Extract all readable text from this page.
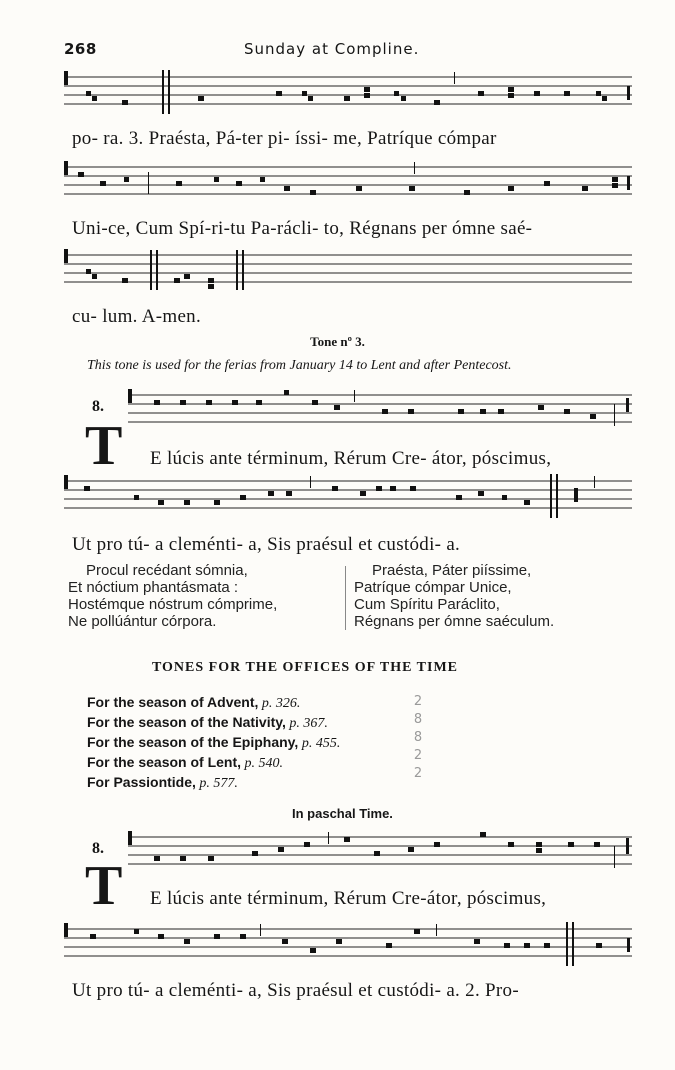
268	Sunday at Compline.
po- ra. 3. Praésta, Pá-ter pi- íssi- me, Patríque cómpar
Uni-ce, Cum Spí-ri-tu Pa-rácli- to, Régnans per ómne saé-
cu- lum. A-men.
Tone nº 3.
This tone is used for the ferias from January 14 to Lent and after Pentecost.
8.
T E lúcis ante términum, Rérum Cre- átor, póscimus,
Ut pro tú- a cleménti- a, Sis praésul et custódi- a.
Procul recédant sómnia,
Et nóctium phantásmata :
Hostémque nóstrum cómprime,
Ne pollúántur córpora.
Praésta, Páter piíssime,
Patríque cómpar Unice,
Cum Spíritu Paráclito,
Régnans per ómne saéculum.
TONES FOR THE OFFICES OF THE TIME
For the season of Advent, p. 326.
For the season of the Nativity, p. 367.
For the season of the Epiphany, p. 455.
For the season of Lent, p. 540.
For Passiontide, p. 577.
2
8
8
2
2
In paschal Time.
8.
T E lúcis ante términum, Rérum Cre-átor, póscimus,
Ut pro tú- a cleménti- a, Sis praésul et custódi- a. 2. Pro-
